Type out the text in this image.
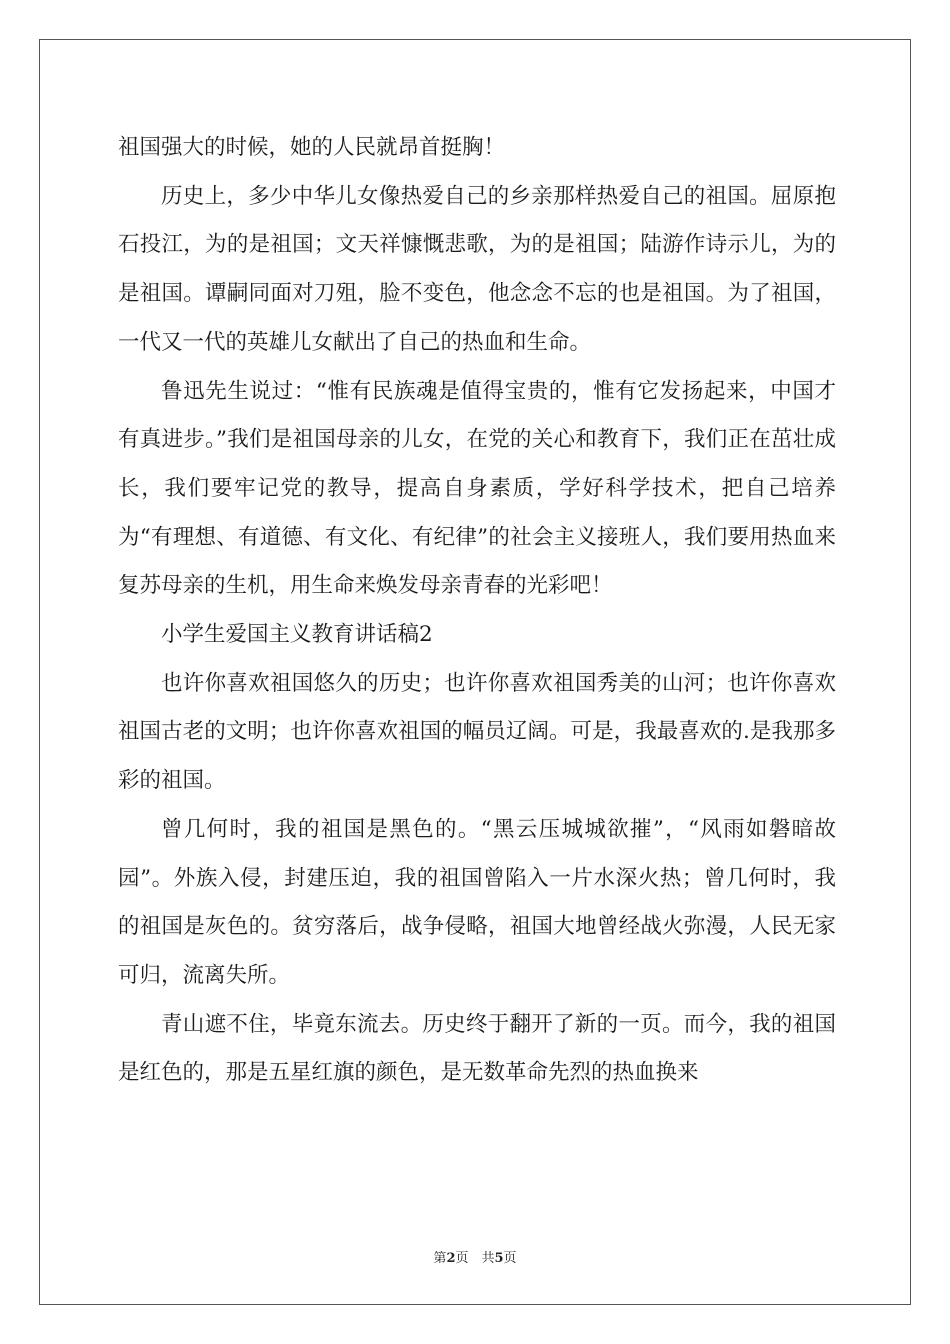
祖国强大的时候，她的人民就昂首挺胸！

历史上，多少中华儿女像热爱自己的乡亲那样热爱自己的祖国。屈原抱石投江，为的是祖国；文天祥慷慨悲歌，为的是祖国；陆游作诗示儿，为的是祖国。谭嗣同面对刀殂，脸不变色，他念念不忘的也是祖国。为了祖国，一代又一代的英雄儿女献出了自己的热血和生命。

鲁迅先生说过：“惟有民族魂是值得宝贵的，惟有它发扬起来，中国才有真进步。”我们是祖国母亲的儿女，在党的关心和教育下，我们正在茁壮成长，我们要牢记党的教导，提高自身素质，学好科学技术，把自己培养为“有理想、有道德、有文化、有纪律”的社会主义接班人，我们要用热血来复苏母亲的生机，用生命来焕发母亲青春的光彩吧！

小学生爱国主义教育讲话稿2

也许你喜欢祖国悠久的历史；也许你喜欢祖国秀美的山河；也许你喜欢祖国古老的文明；也许你喜欢祖国的幅员辽阔。可是，我最喜欢的.是我那多彩的祖国。

曾几何时，我的祖国是黑色的。“黑云压城城欲摧”，“风雨如磐暗故园”。外族入侵，封建压迫，我的祖国曾陷入一片水深火热；曾几何时，我的祖国是灰色的。贫穷落后，战争侵略，祖国大地曾经战火弥漫，人民无家可归，流离失所。

青山遮不住，毕竟东流去。历史终于翻开了新的一页。而今，我的祖国是红色的，那是五星红旗的颜色，是无数革命先烈的热血换来

第2页　共5页
